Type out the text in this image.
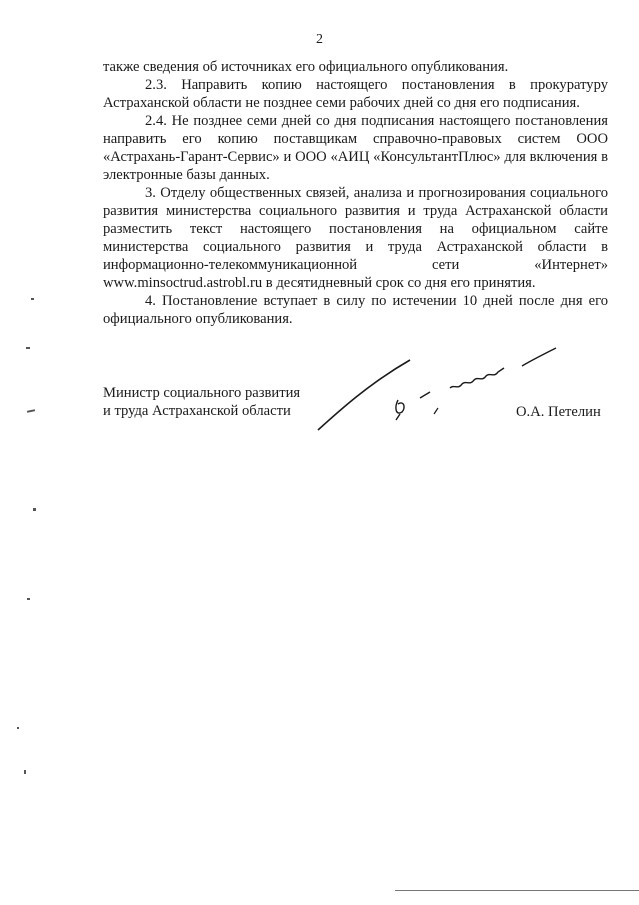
2

также сведения об источниках его официального опубликования.

2.3. Направить копию настоящего постановления в прокуратуру Астраханской области не позднее семи рабочих дней со дня его подписания.

2.4. Не позднее семи дней со дня подписания настоящего постановления направить его копию поставщикам справочно-правовых систем ООО «Астрахань-Гарант-Сервис» и ООО «АИЦ «КонсультантПлюс» для включения в электронные базы данных.

3. Отделу общественных связей, анализа и прогнозирования социального развития министерства социального развития и труда Астраханской области разместить текст настоящего постановления на официальном сайте министерства социального развития и труда Астраханской области в информационно-телекоммуникационной сети «Интернет» www.minsoctrud.astrobl.ru в десятидневный срок со дня его принятия.

4. Постановление вступает в силу по истечении 10 дней после дня его официального опубликования.

Министр социального развития
и труда Астраханской области	О.А. Петелин
